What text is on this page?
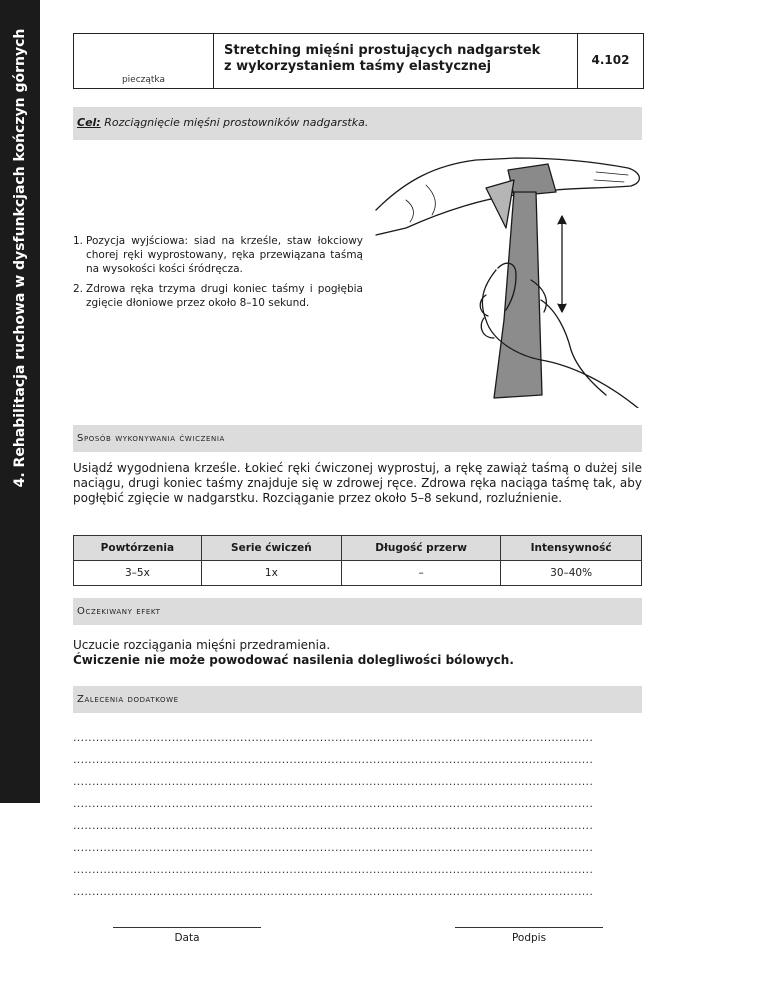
4. Rehabilitacja ruchowa w dysfunkcjach kończyn górnych	pieczątka
Stretching mięśni prostujących nadgarstek
z wykorzystaniem taśmy elastycznej	4.102
Cel: Rozciągnięcie mięśni prostowników nadgarstka.
1. Pozycja wyjściowa: siad na krześle, staw łokciowy chorej ręki wyprostowany, ręka przewiązana taśmą na wysokości kości śródręcza.
2. Zdrowa ręka trzyma drugi koniec taśmy i pogłębia zgięcie dłoniowe przez około 8–10 sekund.
Sposób wykonywania ćwiczenia
Usiądź wygodniena krześle. Łokieć ręki ćwiczonej wyprostuj, a rękę zawiąż taśmą o dużej sile naciągu, drugi koniec taśmy znajduje się w zdrowej ręce. Zdrowa ręka naciąga taśmę tak, aby pogłębić zgięcie w nadgarstku. Rozciąganie przez około 5–8 sekund, rozluźnienie.
Powtórzenia	Serie ćwiczeń	Długość przerw	Intensywność
3–5x	1x	–	30–40%
Oczekiwany efekt
Uczucie rozciągania mięśni przedramienia.
Ćwiczenie nie może powodować nasilenia dolegliwości bólowych.
Zalecenia dodatkowe
.........................................................................................................................................
.........................................................................................................................................
.........................................................................................................................................
.........................................................................................................................................
.........................................................................................................................................
.........................................................................................................................................
.........................................................................................................................................
.........................................................................................................................................
Data	Podpis
